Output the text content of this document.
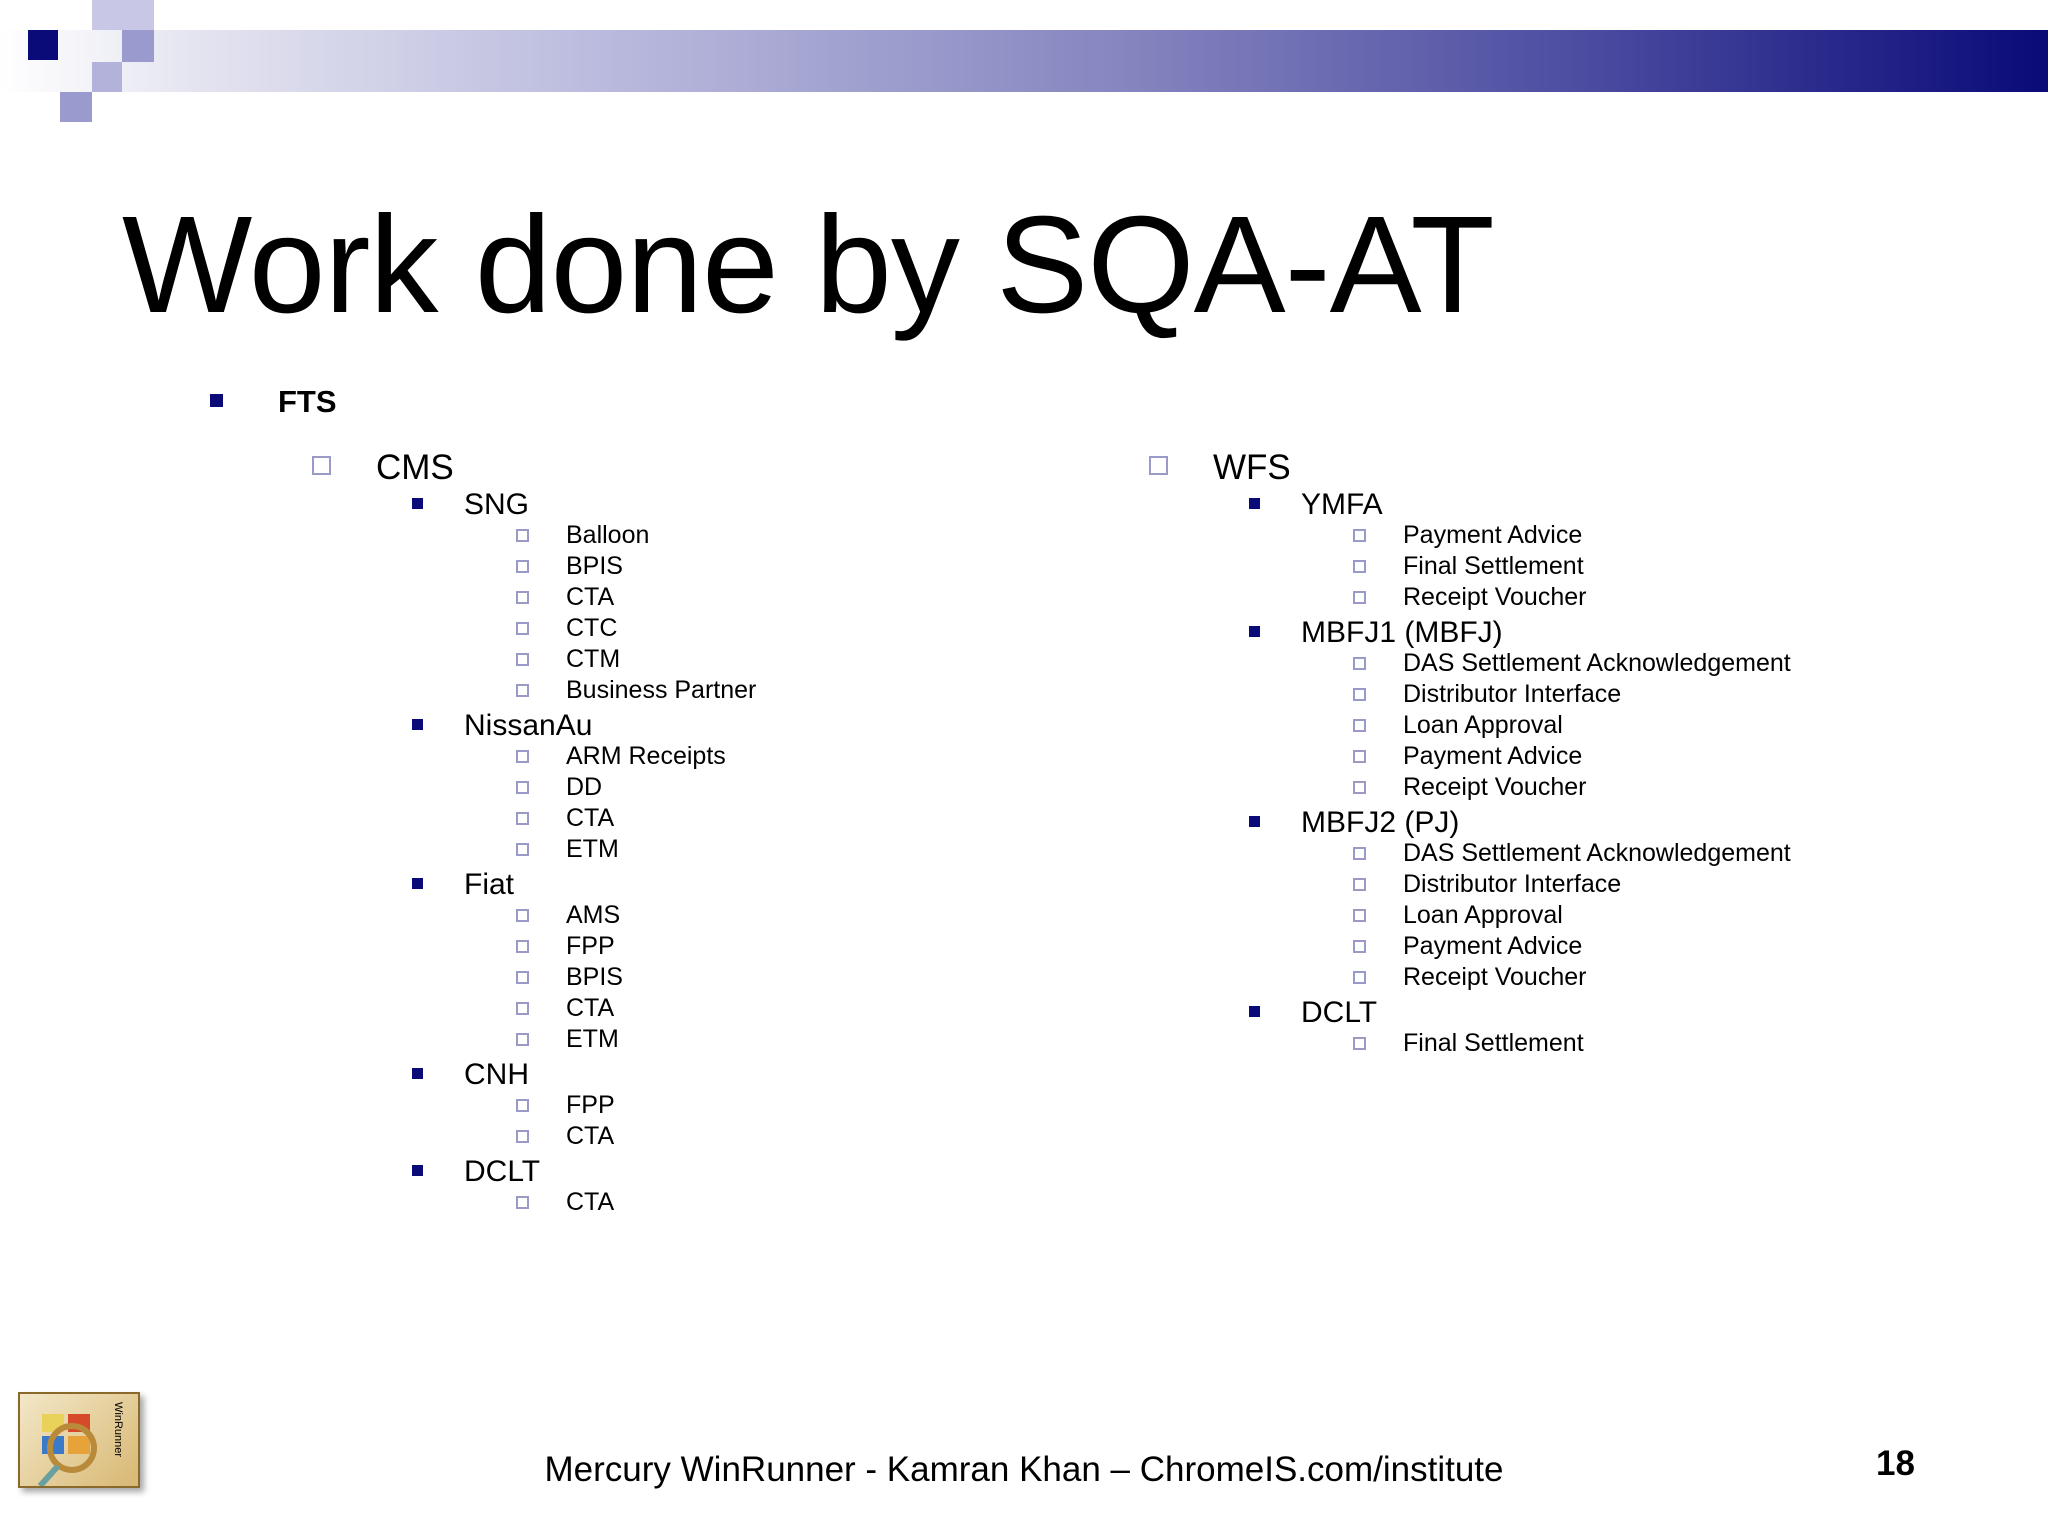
Work done by SQA-AT
FTS
CMS
SNG
Balloon
BPIS
CTA
CTC
CTM
Business Partner
NissanAu
ARM Receipts
DD
CTA
ETM
Fiat
AMS
FPP
BPIS
CTA
ETM
CNH
FPP
CTA
DCLT
CTA
WFS
YMFA
Payment Advice
Final Settlement
Receipt Voucher
MBFJ1 (MBFJ)
DAS Settlement Acknowledgement
Distributor Interface
Loan Approval
Payment Advice
Receipt Voucher
MBFJ2 (PJ)
DAS Settlement Acknowledgement
Distributor Interface
Loan Approval
Payment Advice
Receipt Voucher
DCLT
Final Settlement
WinRunner
Mercury WinRunner - Kamran Khan – ChromeIS.com/institute	18
